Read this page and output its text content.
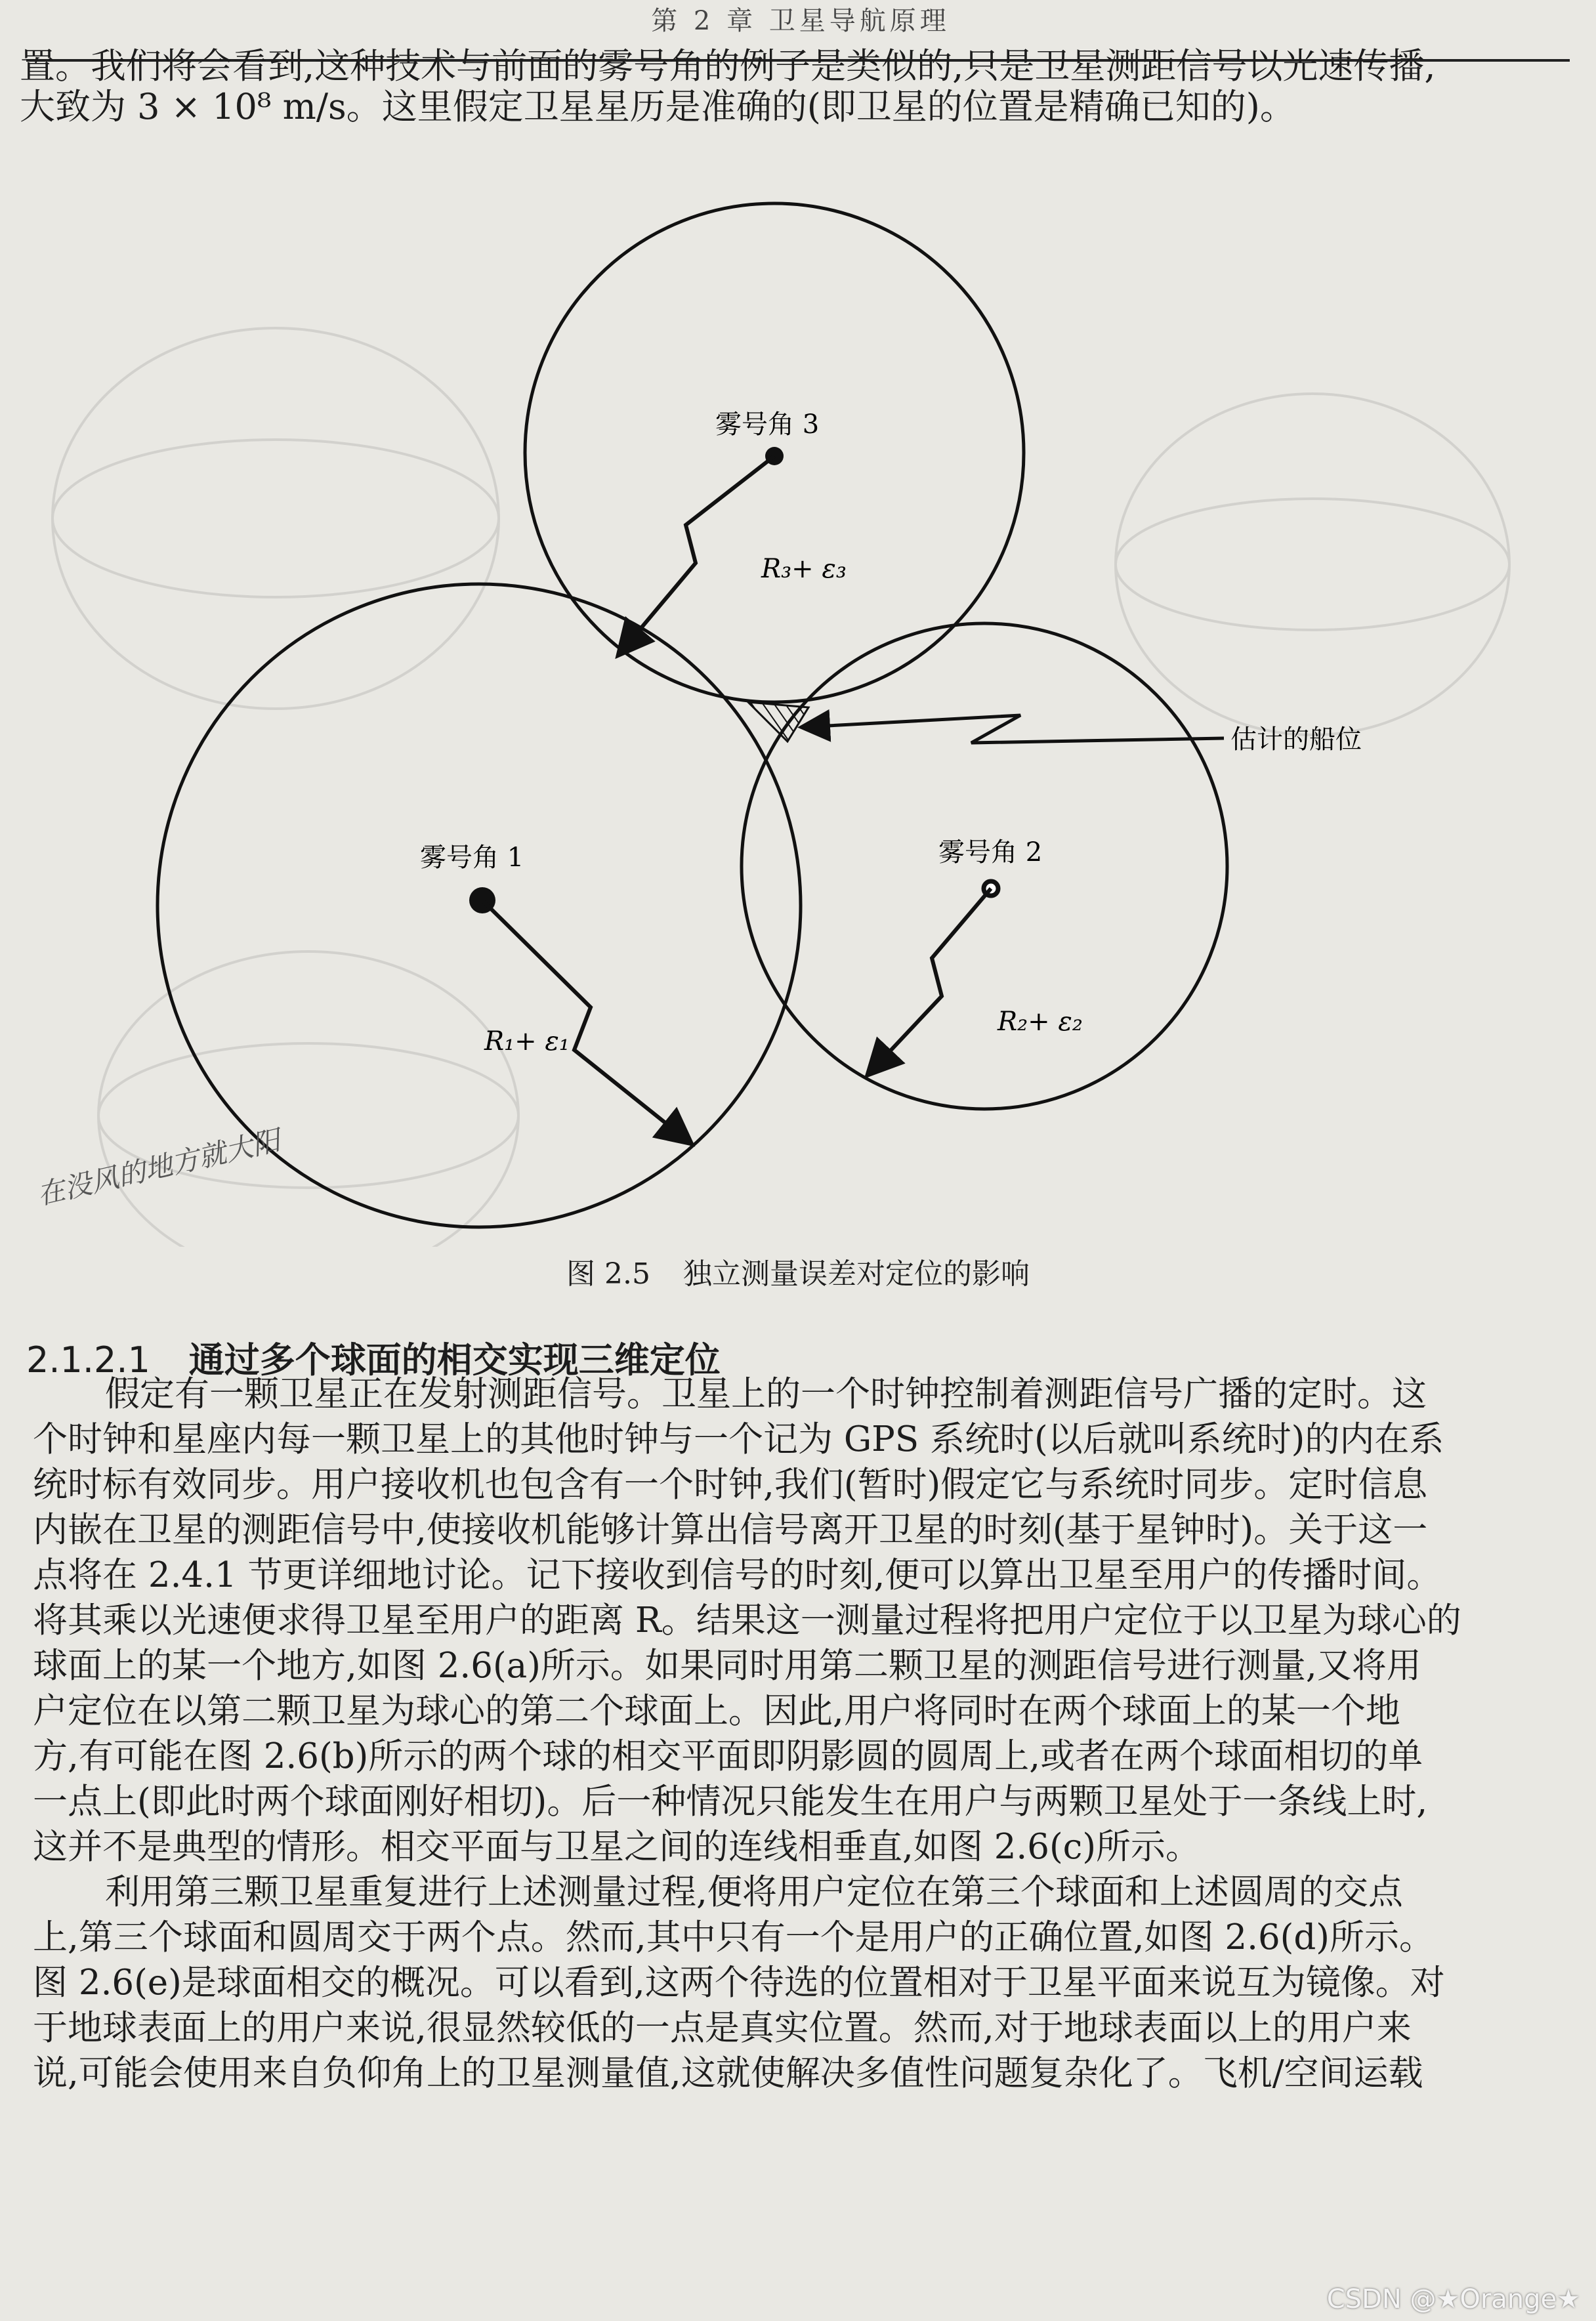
第 2 章 卫星导航原理

置。我们将会看到,这种技术与前面的雾号角的例子是类似的,只是卫星测距信号以光速传播,

大致为 3 × 10⁸ m/s。这里假定卫星星历是准确的(即卫星的位置是精确已知的)。

雾号角 3
R₃+ ε₃
雾号角 1
R₁+ ε₁
雾号角 2
R₂+ ε₂
估计的船位
在没风的地方就大阳
图 2.5 独立测量误差对定位的影响
2.1.2.1 通过多个球面的相交实现三维定位

假定有一颗卫星正在发射测距信号。卫星上的一个时钟控制着测距信号广播的定时。这

个时钟和星座内每一颗卫星上的其他时钟与一个记为 GPS 系统时(以后就叫系统时)的内在系

统时标有效同步。用户接收机也包含有一个时钟,我们(暂时)假定它与系统时同步。定时信息

内嵌在卫星的测距信号中,使接收机能够计算出信号离开卫星的时刻(基于星钟时)。关于这一

点将在 2.4.1 节更详细地讨论。记下接收到信号的时刻,便可以算出卫星至用户的传播时间。

将其乘以光速便求得卫星至用户的距离 R。结果这一测量过程将把用户定位于以卫星为球心的

球面上的某一个地方,如图 2.6(a)所示。如果同时用第二颗卫星的测距信号进行测量,又将用

户定位在以第二颗卫星为球心的第二个球面上。因此,用户将同时在两个球面上的某一个地

方,有可能在图 2.6(b)所示的两个球的相交平面即阴影圆的圆周上,或者在两个球面相切的单

一点上(即此时两个球面刚好相切)。后一种情况只能发生在用户与两颗卫星处于一条线上时,

这并不是典型的情形。相交平面与卫星之间的连线相垂直,如图 2.6(c)所示。

利用第三颗卫星重复进行上述测量过程,便将用户定位在第三个球面和上述圆周的交点

上,第三个球面和圆周交于两个点。然而,其中只有一个是用户的正确位置,如图 2.6(d)所示。

图 2.6(e)是球面相交的概况。可以看到,这两个待选的位置相对于卫星平面来说互为镜像。对

于地球表面上的用户来说,很显然较低的一点是真实位置。然而,对于地球表面以上的用户来

说,可能会使用来自负仰角上的卫星测量值,这就使解决多值性问题复杂化了。飞机/空间运载

CSDN @★Orange★
